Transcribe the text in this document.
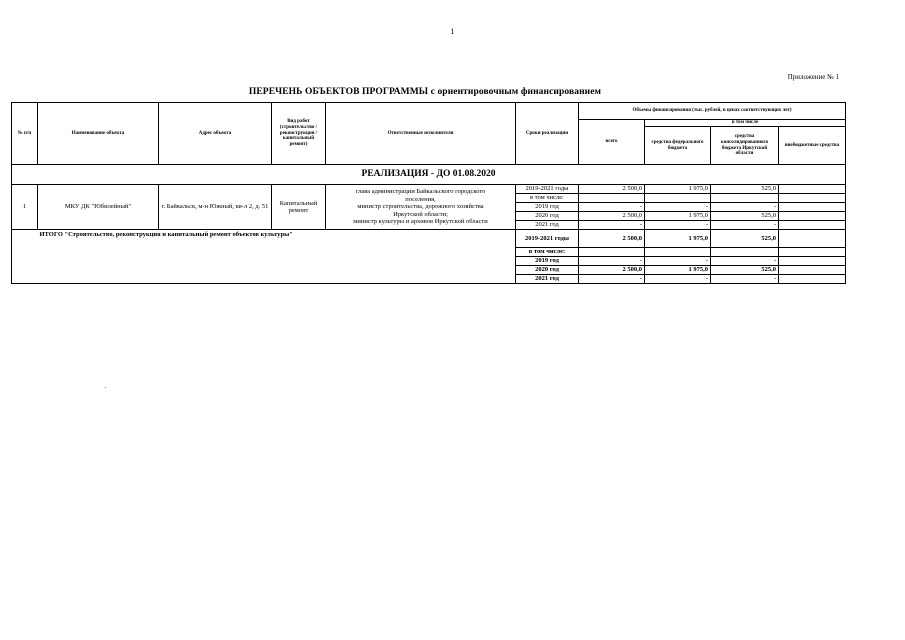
1
Приложение № 1
ПЕРЕЧЕНЬ ОБЪЕКТОВ ПРОГРАММЫ с ориентировочным финансированием
№ п/п	Наименование объекта	Адрес объекта	Вид работ (строительство /реконструкция /капитальный ремонт)	Ответственные исполнители	Сроки реализации	Объемы финансирования (тыс. рублей, в ценах соответствующих лет)			
						всего	в том числе		
							средства федерального бюджета	средства консолидированного бюджета Иркутской области	внебюджетные средства
РЕАЛИЗАЦИЯ - ДО 01.08.2020									
1	МКУ ДК "Юбилейный"	г. Байкальск, м-н Южный, кв-л 2, д. 51	Капитальный ремонт	глава администрации Байкальского городского
поселения,
министр строительства, дорожного хозяйства
Иркутской области;
министр культуры и архивов Иркутской области	2019-2021 годы	2 500,0	1 975,0	525,0	
					в том числе:				
					2019 год	-	-	-	
					2020 год	2 500,0	1 975,0	525,0	
					2021 год	-	-	-	
	ИТОГО "Строительство, реконструкция и капитальный ремонт объектов культуры"				2019-2021 годы	2 500,0	1 975,0	525,0	
					в том числе:				
					2019 год	-	-	-	
					2020 год	2 500,0	1 975,0	525,0	
					2021 год	-	-	-	
